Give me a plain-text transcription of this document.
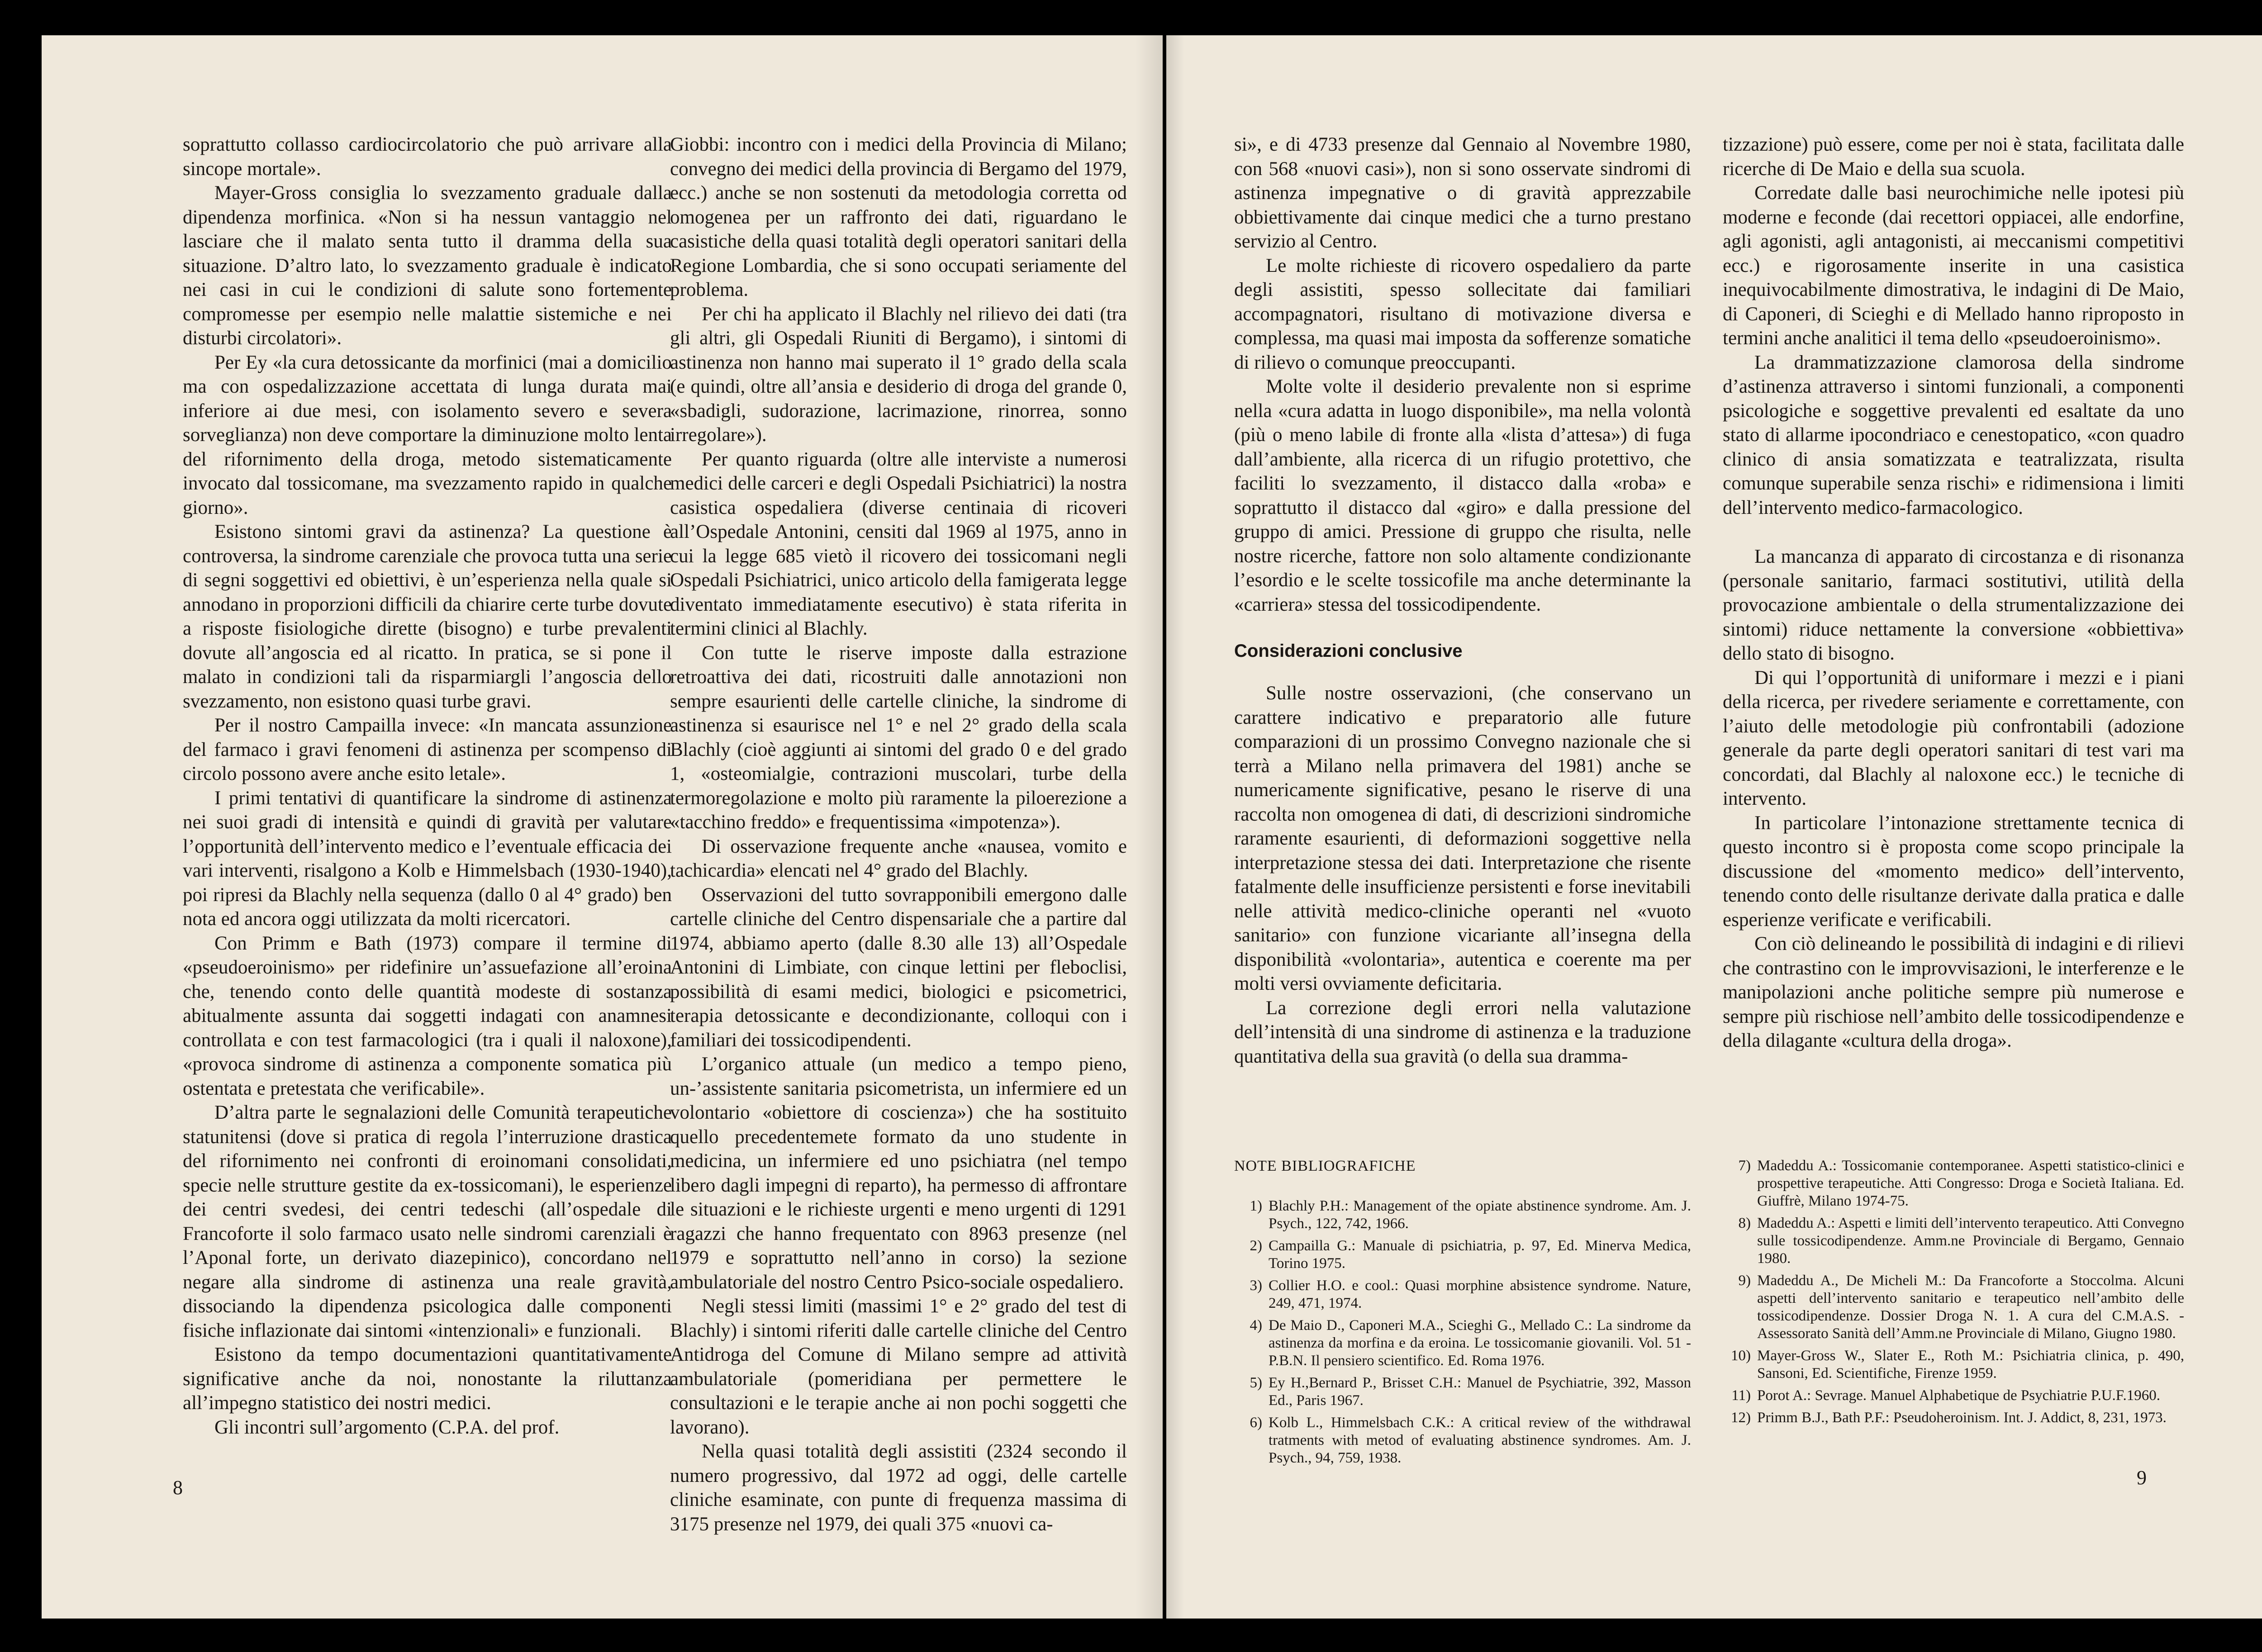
soprattutto collasso cardiocircolatorio che può arrivare alla sincope mortale».

Mayer-Gross consiglia lo svezzamento graduale dalla dipendenza morfinica. «Non si ha nessun vantaggio nel lasciare che il malato senta tutto il dramma della sua situazione. D’altro lato, lo svezzamento graduale è indicato nei casi in cui le condizioni di salute sono fortemente compromesse per esempio nelle malattie sistemiche e nei disturbi circolatori».

Per Ey «la cura detossicante da morfinici (mai a domicilio ma con ospedalizzazione accettata di lunga durata mai inferiore ai due mesi, con isolamento severo e severa sorveglianza) non deve comportare la diminuzione molto lenta del rifornimento della droga, metodo sistematicamente invocato dal tossicomane, ma svezzamento rapido in qualche giorno».

Esistono sintomi gravi da astinenza? La questione è controversa, la sindrome carenziale che provoca tutta una serie di segni soggettivi ed obiettivi, è un’esperienza nella quale si annodano in proporzioni difficili da chiarire certe turbe dovute a risposte fisiologiche dirette (bisogno) e turbe prevalenti dovute all’angoscia ed al ricatto. In pratica, se si pone il malato in condizioni tali da risparmiargli l’angoscia dello svezzamento, non esistono quasi turbe gravi.

Per il nostro Campailla invece: «In mancata assunzione del farmaco i gravi fenomeni di astinenza per scompenso di circolo possono avere anche esito letale».

I primi tentativi di quantificare la sindrome di astinenza nei suoi gradi di intensità e quindi di gravità per valutare l’opportunità dell’intervento medico e l’eventuale efficacia dei vari interventi, risalgono a Kolb e Himmelsbach (1930-1940), poi ripresi da Blachly nella sequenza (dallo 0 al 4° grado) ben nota ed ancora oggi utilizzata da molti ricercatori.

Con Primm e Bath (1973) compare il termine di «pseudoeroinismo» per ridefinire un’assuefazione all’eroina che, tenendo conto delle quantità modeste di sostanza abitualmente assunta dai soggetti indagati con anamnesi controllata e con test farmacologici (tra i quali il naloxone), «provoca sindrome di astinenza a componente somatica più ostentata e pretestata che verificabile».

D’altra parte le segnalazioni delle Comunità terapeutiche statunitensi (dove si pratica di regola l’interruzione drastica del rifornimento nei confronti di eroinomani consolidati, specie nelle strutture gestite da ex-tossicomani), le esperienze dei centri svedesi, dei centri tedeschi (all’ospedale di Francoforte il solo farmaco usato nelle sindromi carenziali è l’Aponal forte, un derivato diazepinico), concordano nel negare alla sindrome di astinenza una reale gravità, dissociando la dipendenza psicologica dalle componenti fisiche inflazionate dai sintomi «intenzionali» e funzionali.

Esistono da tempo documentazioni quantitativamente significative anche da noi, nonostante la riluttanza all’impegno statistico dei nostri medici.

Gli incontri sull’argomento (C.P.A. del prof.

Giobbi: incontro con i medici della Provincia di Milano; convegno dei medici della provincia di Bergamo del 1979, ecc.) anche se non sostenuti da metodologia corretta od omogenea per un raffronto dei dati, riguardano le casistiche della quasi totalità degli operatori sanitari della Regione Lombardia, che si sono occupati seriamente del problema.

Per chi ha applicato il Blachly nel rilievo dei dati (tra gli altri, gli Ospedali Riuniti di Bergamo), i sintomi di astinenza non hanno mai superato il 1° grado della scala (e quindi, oltre all’ansia e desiderio di droga del grande 0, «sbadigli, sudorazione, lacrimazione, rinorrea, sonno irregolare»).

Per quanto riguarda (oltre alle interviste a numerosi medici delle carceri e degli Ospedali Psichiatrici) la nostra casistica ospedaliera (diverse centinaia di ricoveri all’Ospedale Antonini, censiti dal 1969 al 1975, anno in cui la legge 685 vietò il ricovero dei tossicomani negli Ospedali Psichiatrici, unico articolo della famigerata legge diventato immediatamente esecutivo) è stata riferita in termini clinici al Blachly.

Con tutte le riserve imposte dalla estrazione retroattiva dei dati, ricostruiti dalle annotazioni non sempre esaurienti delle cartelle cliniche, la sindrome di astinenza si esaurisce nel 1° e nel 2° grado della scala Blachly (cioè aggiunti ai sintomi del grado 0 e del grado 1, «osteomialgie, contrazioni muscolari, turbe della termoregolazione e molto più raramente la piloerezione a «tacchino freddo» e frequentissima «impotenza»).

Di osservazione frequente anche «nausea, vomito e tachicardia» elencati nel 4° grado del Blachly.

Osservazioni del tutto sovrapponibili emergono dalle cartelle cliniche del Centro dispensariale che a partire dal 1974, abbiamo aperto (dalle 8.30 alle 13) all’Ospedale Antonini di Limbiate, con cinque lettini per fleboclisi, possibilità di esami medici, biologici e psicometrici, terapia detossicante e decondizionante, colloqui con i familiari dei tossicodipendenti.

L’organico attuale (un medico a tempo pieno, un-’assistente sanitaria psicometrista, un infermiere ed un volontario «obiettore di coscienza») che ha sostituito quello precedentemete formato da uno studente in medicina, un infermiere ed uno psichiatra (nel tempo libero dagli impegni di reparto), ha permesso di affrontare le situazioni e le richieste urgenti e meno urgenti di 1291 ragazzi che hanno frequentato con 8963 presenze (nel 1979 e soprattutto nell’anno in corso) la sezione ambulatoriale del nostro Centro Psico-sociale ospedaliero.

Negli stessi limiti (massimi 1° e 2° grado del test di Blachly) i sintomi riferiti dalle cartelle cliniche del Centro Antidroga del Comune di Milano sempre ad attività ambulatoriale (pomeridiana per permettere le consultazioni e le terapie anche ai non pochi soggetti che lavorano).

Nella quasi totalità degli assistiti (2324 secondo il numero progressivo, dal 1972 ad oggi, delle cartelle cliniche esaminate, con punte di frequenza massima di 3175 presenze nel 1979, dei quali 375 «nuovi ca-

8

si», e di 4733 presenze dal Gennaio al Novembre 1980, con 568 «nuovi casi»), non si sono osservate sindromi di astinenza impegnative o di gravità apprezzabile obbiettivamente dai cinque medici che a turno prestano servizio al Centro.

Le molte richieste di ricovero ospedaliero da parte degli assistiti, spesso sollecitate dai familiari accompagnatori, risultano di motivazione diversa e complessa, ma quasi mai imposta da sofferenze somatiche di rilievo o comunque preoccupanti.

Molte volte il desiderio prevalente non si esprime nella «cura adatta in luogo disponibile», ma nella volontà (più o meno labile di fronte alla «lista d’attesa») di fuga dall’ambiente, alla ricerca di un rifugio protettivo, che faciliti lo svezzamento, il distacco dalla «roba» e soprattutto il distacco dal «giro» e dalla pressione del gruppo di amici. Pressione di gruppo che risulta, nelle nostre ricerche, fattore non solo altamente condizionante l’esordio e le scelte tossicofile ma anche determinante la «carriera» stessa del tossicodipendente.

Considerazioni conclusive

Sulle nostre osservazioni, (che conservano un carattere indicativo e preparatorio alle future comparazioni di un prossimo Convegno nazionale che si terrà a Milano nella primavera del 1981) anche se numericamente significative, pesano le riserve di una raccolta non omogenea di dati, di descrizioni sindromiche raramente esaurienti, di deformazioni soggettive nella interpretazione stessa dei dati. Interpretazione che risente fatalmente delle insufficienze persistenti e forse inevitabili nelle attività medico-cliniche operanti nel «vuoto sanitario» con funzione vicariante all’insegna della disponibilità «volontaria», autentica e coerente ma per molti versi ovviamente deficitaria.

La correzione degli errori nella valutazione dell’intensità di una sindrome di astinenza e la traduzione quantitativa della sua gravità (o della sua dramma-

tizzazione) può essere, come per noi è stata, facilitata dalle ricerche di De Maio e della sua scuola.

Corredate dalle basi neurochimiche nelle ipotesi più moderne e feconde (dai recettori oppiacei, alle endorfine, agli agonisti, agli antagonisti, ai meccanismi competitivi ecc.) e rigorosamente inserite in una casistica inequivocabilmente dimostrativa, le indagini di De Maio, di Caponeri, di Scieghi e di Mellado hanno riproposto in termini anche analitici il tema dello «pseudoeroinismo».

La drammatizzazione clamorosa della sindrome d’astinenza attraverso i sintomi funzionali, a componenti psicologiche e soggettive prevalenti ed esaltate da uno stato di allarme ipocondriaco e cenestopatico, «con quadro clinico di ansia somatizzata e teatralizzata, risulta comunque superabile senza rischi» e ridimensiona i limiti dell’intervento medico-farmacologico.

La mancanza di apparato di circostanza e di risonanza (personale sanitario, farmaci sostitutivi, utilità della provocazione ambientale o della strumentalizzazione dei sintomi) riduce nettamente la conversione «obbiettiva» dello stato di bisogno.

Di qui l’opportunità di uniformare i mezzi e i piani della ricerca, per rivedere seriamente e correttamente, con l’aiuto delle metodologie più confrontabili (adozione generale da parte degli operatori sanitari di test vari ma concordati, dal Blachly al naloxone ecc.) le tecniche di intervento.

In particolare l’intonazione strettamente tecnica di questo incontro si è proposta come scopo principale la discussione del «momento medico» dell’intervento, tenendo conto delle risultanze derivate dalla pratica e dalle esperienze verificate e verificabili.

Con ciò delineando le possibilità di indagini e di rilievi che contrastino con le improvvisazioni, le interferenze e le manipolazioni anche politiche sempre più numerose e sempre più rischiose nell’ambito delle tossicodipendenze e della dilagante «cultura della droga».

NOTE BIBLIOGRAFICHE
1) Blachly P.H.: Management of the opiate abstinence syndrome. Am. J. Psych., 122, 742, 1966.
2) Campailla G.: Manuale di psichiatria, p. 97, Ed. Minerva Medica, Torino 1975.
3) Collier H.O. e cool.: Quasi morphine absistence syndrome. Nature, 249, 471, 1974.
4) De Maio D., Caponeri M.A., Scieghi G., Mellado C.: La sindrome da astinenza da morfina e da eroina. Le tossicomanie giovanili. Vol. 51 - P.B.N. Il pensiero scientifico. Ed. Roma 1976.
5) Ey H.,Bernard P., Brisset C.H.: Manuel de Psychiatrie, 392, Masson Ed., Paris 1967.
6) Kolb L., Himmelsbach C.K.: A critical review of the withdrawal tratments with metod of evaluating abstinence syndromes. Am. J. Psych., 94, 759, 1938.
7) Madeddu A.: Tossicomanie contemporanee. Aspetti statistico-clinici e prospettive terapeutiche. Atti Congresso: Droga e Società Italiana. Ed. Giuffrè, Milano 1974-75.
8) Madeddu A.: Aspetti e limiti dell’intervento terapeutico. Atti Convegno sulle tossicodipendenze. Amm.ne Provinciale di Bergamo, Gennaio 1980.
9) Madeddu A., De Micheli M.: Da Francoforte a Stoccolma. Alcuni aspetti dell’intervento sanitario e terapeutico nell’ambito delle tossicodipendenze. Dossier Droga N. 1. A cura del C.M.A.S. - Assessorato Sanità dell’Amm.ne Provinciale di Milano, Giugno 1980.
10) Mayer-Gross W., Slater E., Roth M.: Psichiatria clinica, p. 490, Sansoni, Ed. Scientifiche, Firenze 1959.
11) Porot A.: Sevrage. Manuel Alphabetique de Psychiatrie P.U.F.1960.
12) Primm B.J., Bath P.F.: Pseudoheroinism. Int. J. Addict, 8, 231, 1973.
9
